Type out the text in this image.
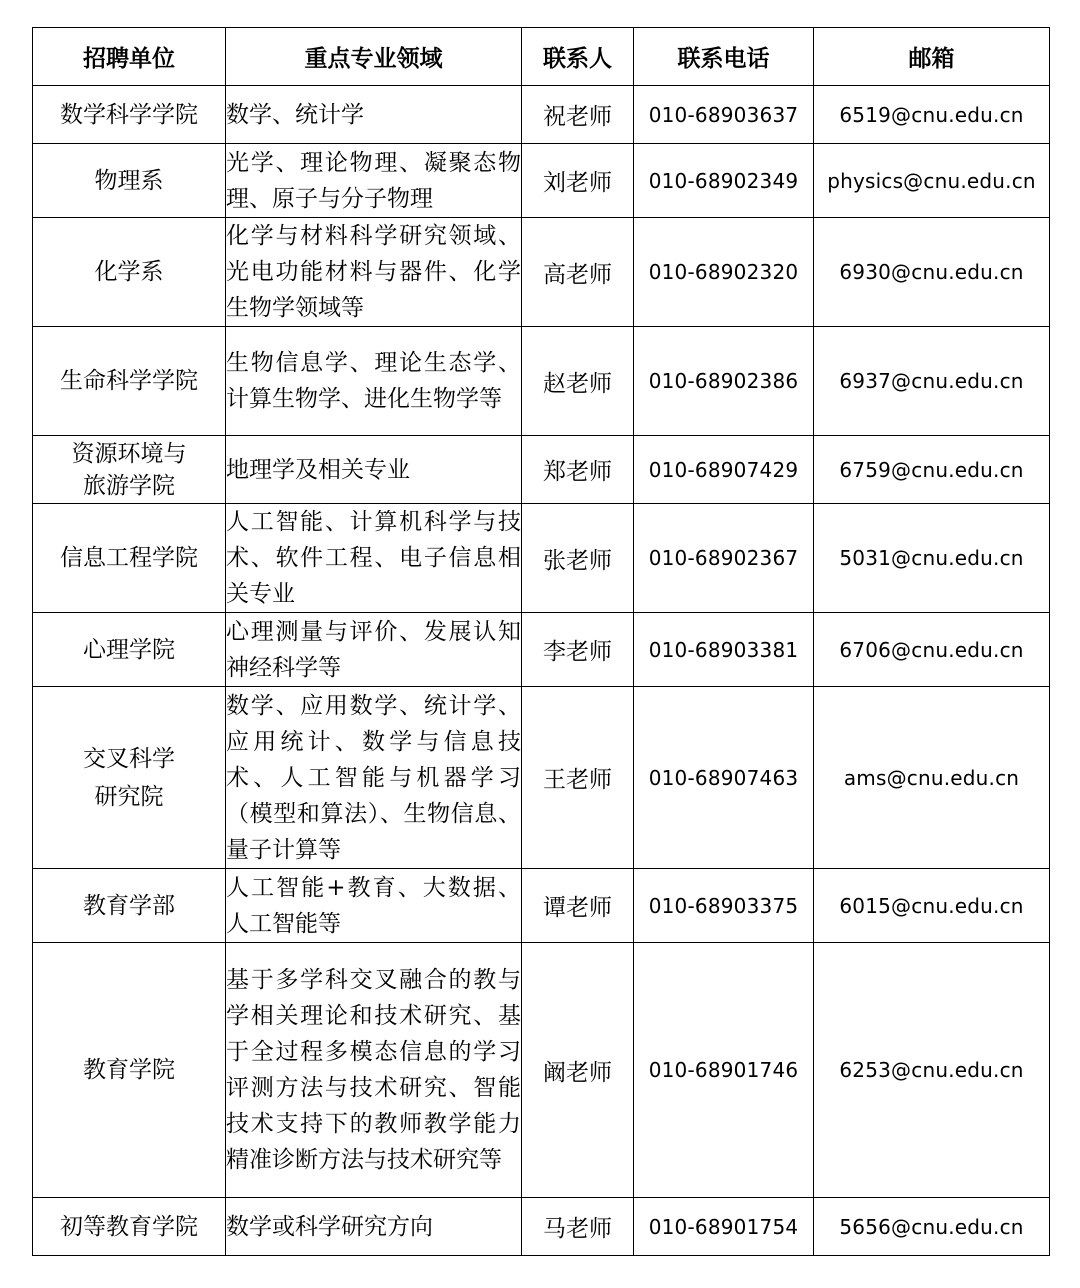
招聘单位	重点专业领域	联系人	联系电话	邮箱
数学科学学院	数学、统计学	祝老师	010-68903637	6519@cnu.edu.cn
物理系	光学、理论物理、凝聚态物理、原子与分子物理	刘老师	010-68902349	physics@cnu.edu.cn
化学系	化学与材料科学研究领域、光电功能材料与器件、化学生物学领域等	高老师	010-68902320	6930@cnu.edu.cn
生命科学学院	生物信息学、理论生态学、计算生物学、进化生物学等	赵老师	010-68902386	6937@cnu.edu.cn
资源环境与旅游学院	地理学及相关专业	郑老师	010-68907429	6759@cnu.edu.cn
信息工程学院	人工智能、计算机科学与技术、软件工程、电子信息相关专业	张老师	010-68902367	5031@cnu.edu.cn
心理学院	心理测量与评价、发展认知神经科学等	李老师	010-68903381	6706@cnu.edu.cn
交叉科学研究院	数学、应用数学、统计学、应用统计、数学与信息技术、人工智能与机器学习（模型和算法）、生物信息、量子计算等	王老师	010-68907463	ams@cnu.edu.cn
教育学部	人工智能+教育、大数据、人工智能等	谭老师	010-68903375	6015@cnu.edu.cn
教育学院	基于多学科交叉融合的教与学相关理论和技术研究、基于全过程多模态信息的学习评测方法与技术研究、智能技术支持下的教师教学能力精准诊断方法与技术研究等	阚老师	010-68901746	6253@cnu.edu.cn
初等教育学院	数学或科学研究方向	马老师	010-68901754	5656@cnu.edu.cn
